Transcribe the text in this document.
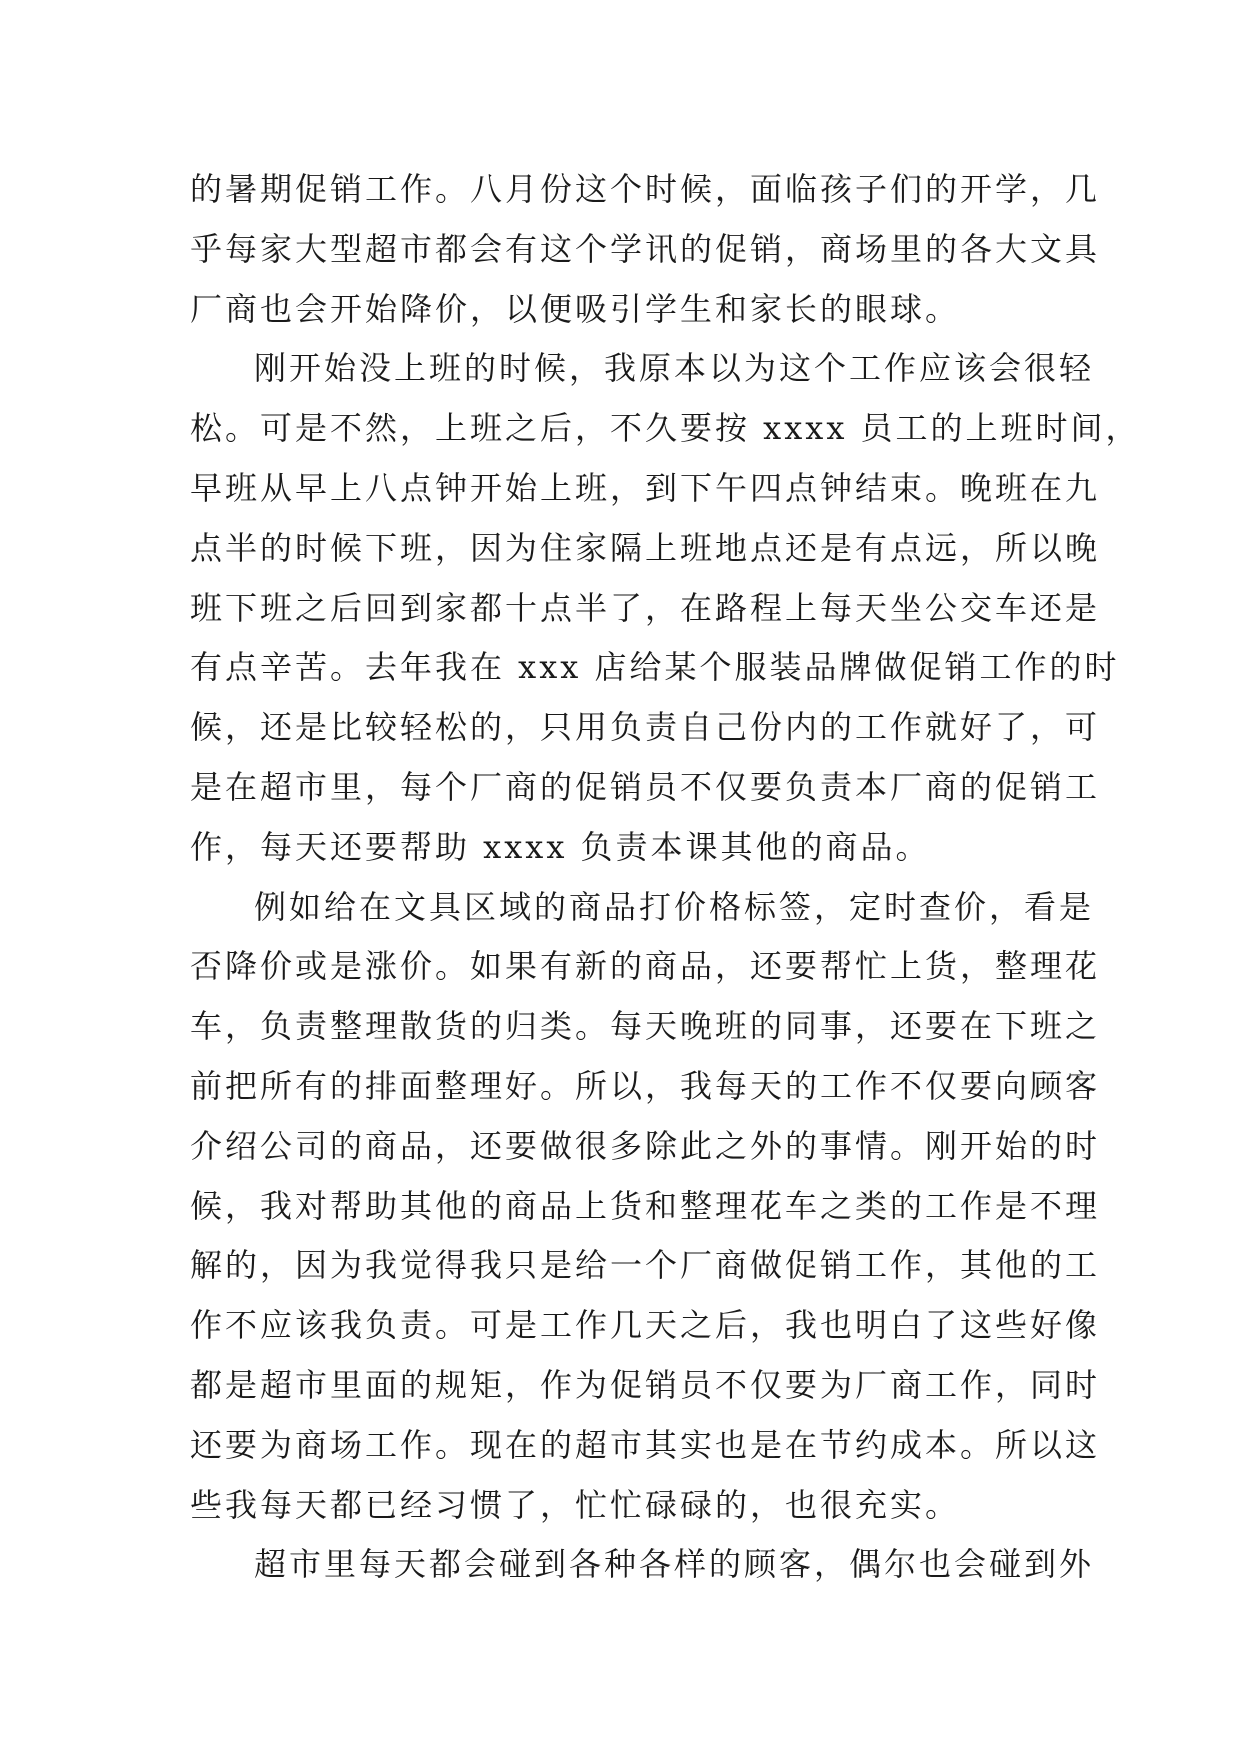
的暑期促销工作。八月份这个时候，面临孩子们的开学，几
乎每家大型超市都会有这个学讯的促销，商场里的各大文具
厂商也会开始降价，以便吸引学生和家长的眼球。
刚开始没上班的时候，我原本以为这个工作应该会很轻
松。可是不然，上班之后，不久要按 xxxx 员工的上班时间，
早班从早上八点钟开始上班，到下午四点钟结束。晚班在九
点半的时候下班，因为住家隔上班地点还是有点远，所以晚
班下班之后回到家都十点半了，在路程上每天坐公交车还是
有点辛苦。去年我在 xxx 店给某个服装品牌做促销工作的时
候，还是比较轻松的，只用负责自己份内的工作就好了，可
是在超市里，每个厂商的促销员不仅要负责本厂商的促销工
作，每天还要帮助 xxxx 负责本课其他的商品。
例如给在文具区域的商品打价格标签，定时查价，看是
否降价或是涨价。如果有新的商品，还要帮忙上货，整理花
车，负责整理散货的归类。每天晚班的同事，还要在下班之
前把所有的排面整理好。所以，我每天的工作不仅要向顾客
介绍公司的商品，还要做很多除此之外的事情。刚开始的时
候，我对帮助其他的商品上货和整理花车之类的工作是不理
解的，因为我觉得我只是给一个厂商做促销工作，其他的工
作不应该我负责。可是工作几天之后，我也明白了这些好像
都是超市里面的规矩，作为促销员不仅要为厂商工作，同时
还要为商场工作。现在的超市其实也是在节约成本。所以这
些我每天都已经习惯了，忙忙碌碌的，也很充实。
超市里每天都会碰到各种各样的顾客，偶尔也会碰到外
